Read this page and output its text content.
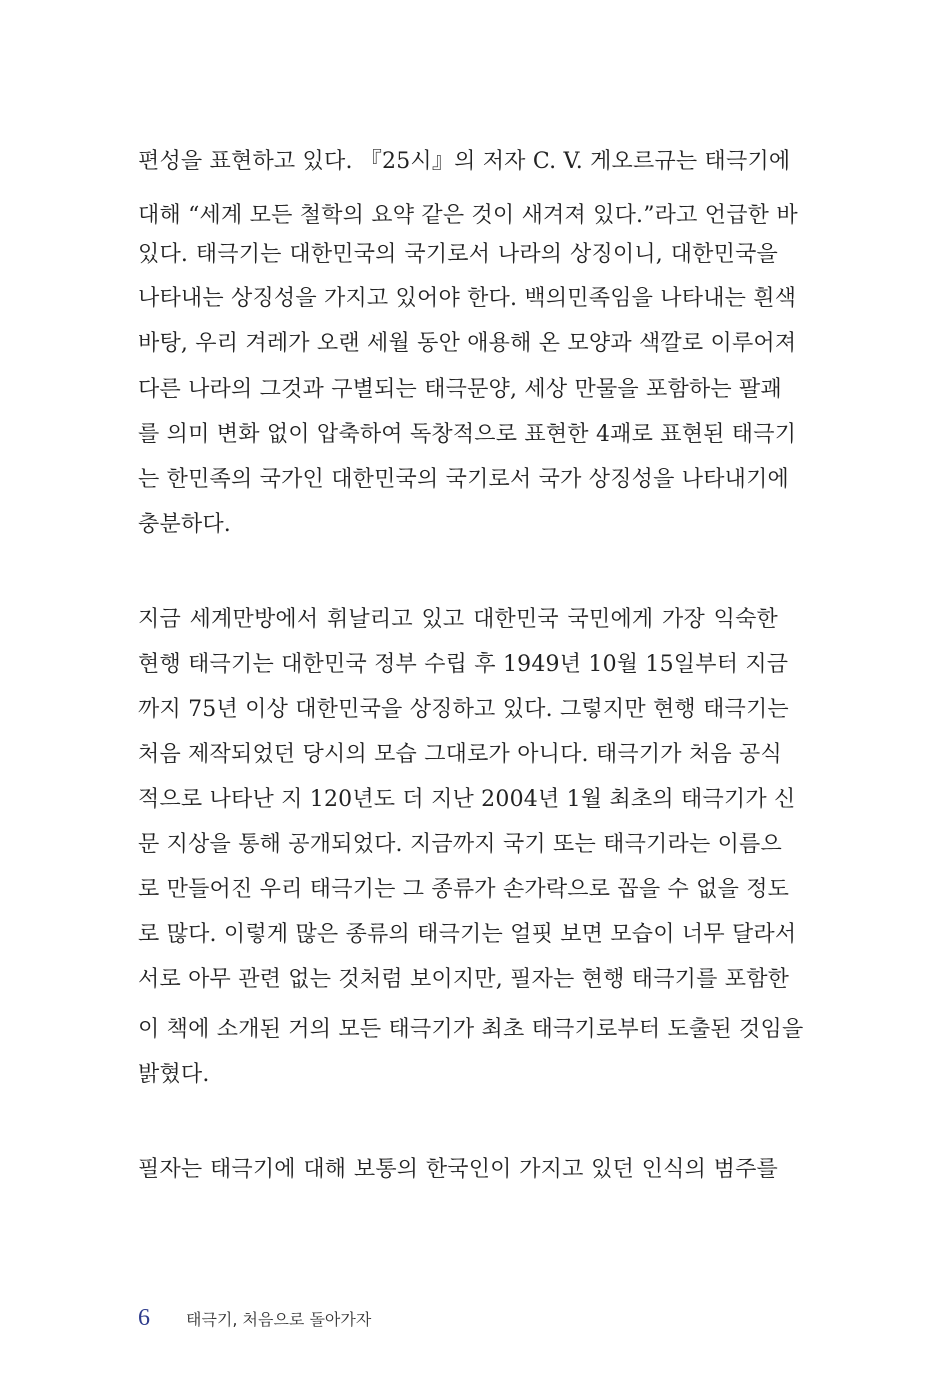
편성을 표현하고 있다. 『25시』의 저자 C. V. 게오르규는 태극기에
대해 “세계 모든 철학의 요약 같은 것이 새겨져 있다.”라고 언급한 바
있다. 태극기는 대한민국의 국기로서 나라의 상징이니, 대한민국을
나타내는 상징성을 가지고 있어야 한다. 백의민족임을 나타내는 흰색
바탕, 우리 겨레가 오랜 세월 동안 애용해 온 모양과 색깔로 이루어져
다른 나라의 그것과 구별되는 태극문양, 세상 만물을 포함하는 팔괘
를 의미 변화 없이 압축하여 독창적으로 표현한 4괘로 표현된 태극기
는 한민족의 국가인 대한민국의 국기로서 국가 상징성을 나타내기에
충분하다.
지금 세계만방에서 휘날리고 있고 대한민국 국민에게 가장 익숙한
현행 태극기는 대한민국 정부 수립 후 1949년 10월 15일부터 지금
까지 75년 이상 대한민국을 상징하고 있다. 그렇지만 현행 태극기는
처음 제작되었던 당시의 모습 그대로가 아니다. 태극기가 처음 공식
적으로 나타난 지 120년도 더 지난 2004년 1월 최초의 태극기가 신
문 지상을 통해 공개되었다. 지금까지 국기 또는 태극기라는 이름으
로 만들어진 우리 태극기는 그 종류가 손가락으로 꼽을 수 없을 정도
로 많다. 이렇게 많은 종류의 태극기는 얼핏 보면 모습이 너무 달라서
서로 아무 관련 없는 것처럼 보이지만, 필자는 현행 태극기를 포함한
이 책에 소개된 거의 모든 태극기가 최초 태극기로부터 도출된 것임을
밝혔다.
필자는 태극기에 대해 보통의 한국인이 가지고 있던 인식의 범주를
6 태극기, 처음으로 돌아가자
